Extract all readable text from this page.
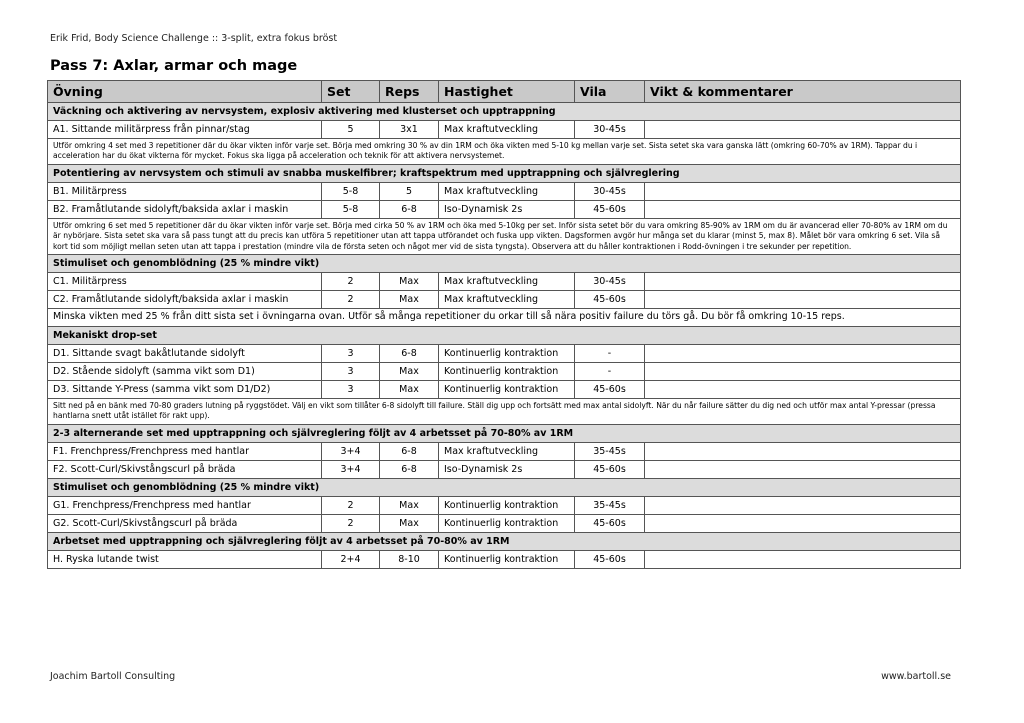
Erik Frid, Body Science Challenge :: 3-split, extra fokus bröst
Pass 7: Axlar, armar och mage
Övning	Set	Reps	Hastighet	Vila	Vikt & kommentarer
Väckning och aktivering av nervsystem, explosiv aktivering med klusterset och upptrappning					
A1. Sittande militärpress från pinnar/stag	5	3x1	Max kraftutveckling	30-45s	
Utför omkring 4 set med 3 repetitioner där du ökar vikten inför varje set. Börja med omkring 30 % av din 1RM och öka vikten med 5-10 kg mellan varje set. Sista setet ska vara ganska lätt (omkring 60-70% av 1RM). Tappar du i acceleration har du ökat vikterna för mycket. Fokus ska ligga på acceleration och teknik för att aktivera nervsystemet.					
Potentiering av nervsystem och stimuli av snabba muskelfibrer; kraftspektrum med upptrappning och självreglering					
B1. Militärpress	5-8	5	Max kraftutveckling	30-45s	
B2. Framåtlutande sidolyft/baksida axlar i maskin	5-8	6-8	Iso-Dynamisk 2s	45-60s	
Utför omkring 6 set med 5 repetitioner där du ökar vikten inför varje set. Börja med cirka 50 % av 1RM och öka med 5-10kg per set. Inför sista setet bör du vara omkring 85-90% av 1RM om du är avancerad eller 70-80% av 1RM om du är nybörjare. Sista setet ska vara så pass tungt att du precis kan utföra 5 repetitioner utan att tappa utförandet och fuska upp vikten. Dagsformen avgör hur många set du klarar (minst 5, max 8). Målet bör vara omkring 6 set. Vila så kort tid som möjligt mellan seten utan att tappa i prestation (mindre vila de första seten och något mer vid de sista tyngsta). Observera att du håller kontraktionen i Rodd-övningen i tre sekunder per repetition.					
Stimuliset och genomblödning (25 % mindre vikt)					
C1. Militärpress	2	Max	Max kraftutveckling	30-45s	
C2. Framåtlutande sidolyft/baksida axlar i maskin	2	Max	Max kraftutveckling	45-60s	
Minska vikten med 25 % från ditt sista set i övningarna ovan. Utför så många repetitioner du orkar till så nära positiv failure du törs gå. Du bör få omkring 10-15 reps.					
Mekaniskt drop-set					
D1. Sittande svagt bakåtlutande sidolyft	3	6-8	Kontinuerlig kontraktion	-	
D2. Stående sidolyft (samma vikt som D1)	3	Max	Kontinuerlig kontraktion	-	
D3. Sittande Y-Press (samma vikt som D1/D2)	3	Max	Kontinuerlig kontraktion	45-60s	
Sitt ned på en bänk med 70-80 graders lutning på ryggstödet. Välj en vikt som tillåter 6-8 sidolyft till failure. Ställ dig upp och fortsätt med max antal sidolyft. När du når failure sätter du dig ned och utför max antal Y-pressar (pressa hantlarna snett utåt istället för rakt upp).					
2-3 alternerande set med upptrappning och självreglering följt av 4 arbetsset på 70-80% av 1RM					
F1. Frenchpress/Frenchpress med hantlar	3+4	6-8	Max kraftutveckling	35-45s	
F2. Scott-Curl/Skivstångscurl på bräda	3+4	6-8	Iso-Dynamisk 2s	45-60s	
Stimuliset och genomblödning (25 % mindre vikt)					
G1. Frenchpress/Frenchpress med hantlar	2	Max	Kontinuerlig kontraktion	35-45s	
G2. Scott-Curl/Skivstångscurl på bräda	2	Max	Kontinuerlig kontraktion	45-60s	
Arbetset med upptrappning och självreglering följt av 4 arbetsset på 70-80% av 1RM					
H. Ryska lutande twist	2+4	8-10	Kontinuerlig kontraktion	45-60s	
Joachim Bartoll Consulting	www.bartoll.se
